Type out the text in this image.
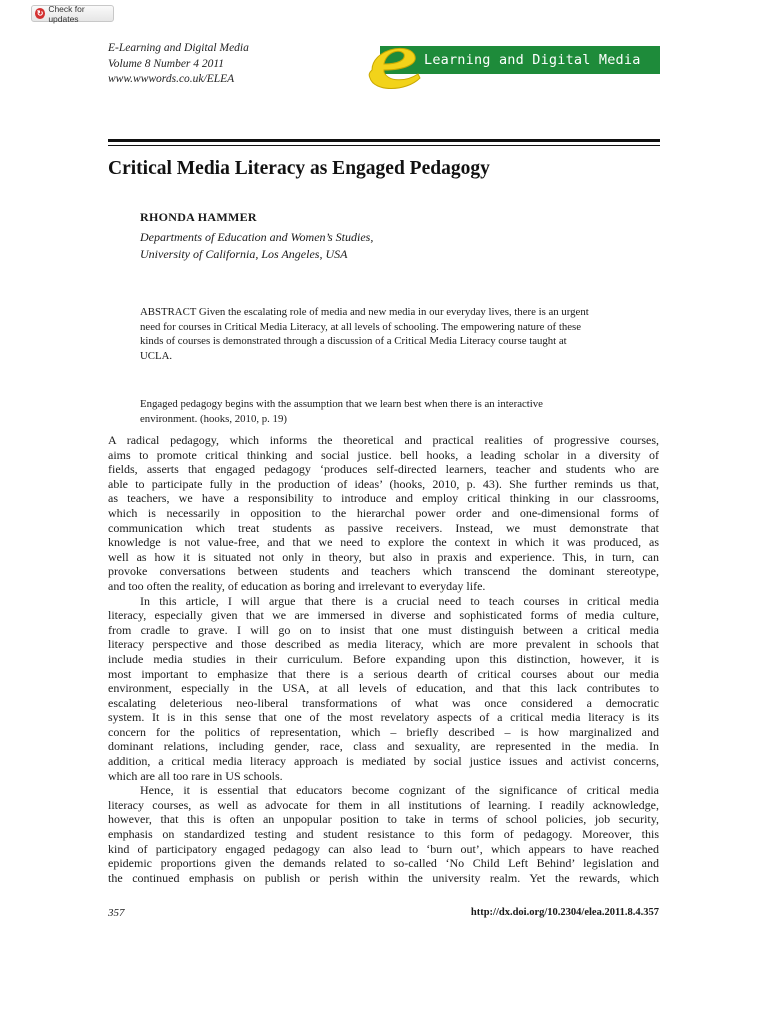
↻ Check for updates
E-Learning and Digital Media
Volume 8 Number 4 2011
www.wwwords.co.uk/ELEA
Learning and Digital Media
Critical Media Literacy as Engaged Pedagogy
RHONDA HAMMER
Departments of Education and Women’s Studies,
University of California, Los Angeles, USA
ABSTRACT Given the escalating role of media and new media in our everyday lives, there is an urgent
need for courses in Critical Media Literacy, at all levels of schooling. The empowering nature of these
kinds of courses is demonstrated through a discussion of a Critical Media Literacy course taught at
UCLA.
Engaged pedagogy begins with the assumption that we learn best when there is an interactive
environment. (hooks, 2010, p. 19)
A radical pedagogy, which informs the theoretical and practical realities of progressive courses,
aims to promote critical thinking and social justice. bell hooks, a leading scholar in a diversity of
fields, asserts that engaged pedagogy ‘produces self-directed learners, teacher and students who are
able to participate fully in the production of ideas’ (hooks, 2010, p. 43). She further reminds us that,
as teachers, we have a responsibility to introduce and employ critical thinking in our classrooms,
which is necessarily in opposition to the hierarchal power order and one-dimensional forms of
communication which treat students as passive receivers. Instead, we must demonstrate that
knowledge is not value-free, and that we need to explore the context in which it was produced, as
well as how it is situated not only in theory, but also in praxis and experience. This, in turn, can
provoke conversations between students and teachers which transcend the dominant stereotype,
and too often the reality, of education as boring and irrelevant to everyday life.
In this article, I will argue that there is a crucial need to teach courses in critical media
literacy, especially given that we are immersed in diverse and sophisticated forms of media culture,
from cradle to grave. I will go on to insist that one must distinguish between a critical media
literacy perspective and those described as media literacy, which are more prevalent in schools that
include media studies in their curriculum. Before expanding upon this distinction, however, it is
most important to emphasize that there is a serious dearth of critical courses about our media
environment, especially in the USA, at all levels of education, and that this lack contributes to
escalating deleterious neo-liberal transformations of what was once considered a democratic
system. It is in this sense that one of the most revelatory aspects of a critical media literacy is its
concern for the politics of representation, which – briefly described – is how marginalized and
dominant relations, including gender, race, class and sexuality, are represented in the media. In
addition, a critical media literacy approach is mediated by social justice issues and activist concerns,
which are all too rare in US schools.
Hence, it is essential that educators become cognizant of the significance of critical media
literacy courses, as well as advocate for them in all institutions of learning. I readily acknowledge,
however, that this is often an unpopular position to take in terms of school policies, job security,
emphasis on standardized testing and student resistance to this form of pedagogy. Moreover, this
kind of participatory engaged pedagogy can also lead to ‘burn out’, which appears to have reached
epidemic proportions given the demands related to so-called ‘No Child Left Behind’ legislation and
the continued emphasis on publish or perish within the university realm. Yet the rewards, which
357	http://dx.doi.org/10.2304/elea.2011.8.4.357
